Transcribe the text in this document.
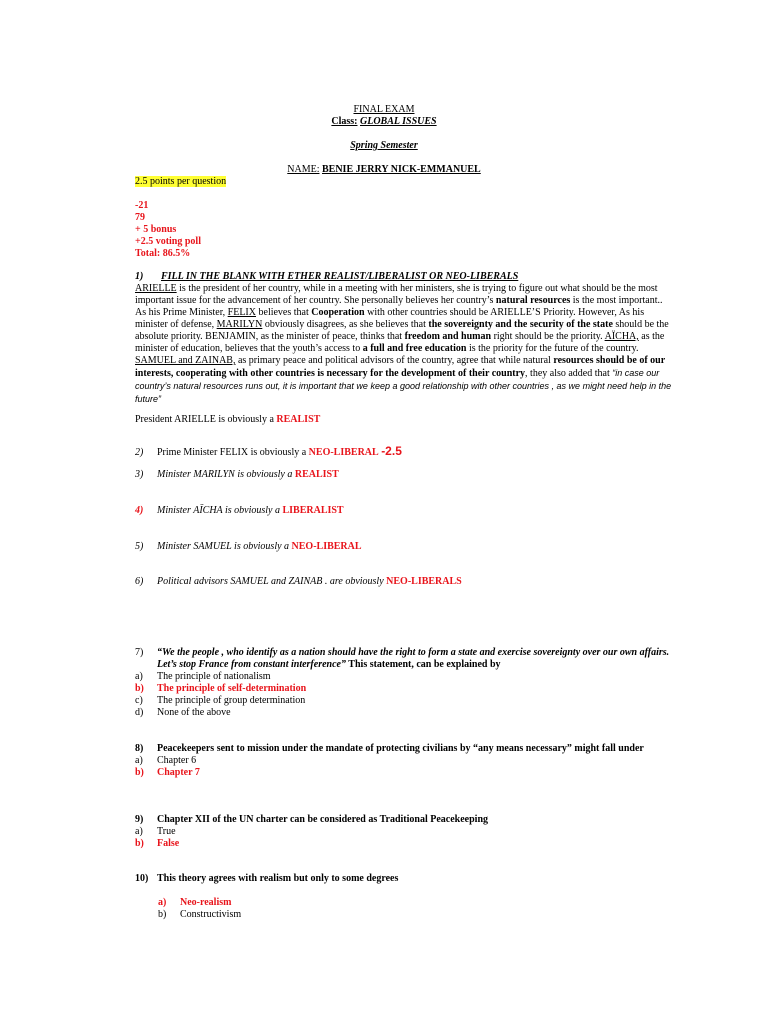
FINAL EXAM
Class: GLOBAL ISSUES
Spring Semester
NAME: BENIE JERRY NICK-EMMANUEL
2.5 points per question
-21
79
+ 5 bonus
+2.5 voting poll
Total: 86.5%
1) FILL IN THE BLANK WITH ETHER REALIST/LIBERALIST OR NEO-LIBERALS

ARIELLE is the president of her country, while in a meeting with her ministers, she is trying to figure out what should be the most important issue for the advancement of her country. She personally believes her country’s natural resources is the most important.. As his Prime Minister, FELIX believes that Cooperation with other countries should be ARIELLE’S Priority. However, As his minister of defense, MARILYN obviously disagrees, as she believes that the sovereignty and the security of the state should be the absolute priority. BENJAMIN, as the minister of peace, thinks that freedom and human right should be the priority. AÏCHA, as the minister of education, believes that the youth’s access to a full and free education is the priority for the future of the country. SAMUEL and ZAINAB, as primary peace and political advisors of the country, agree that while natural resources should be of our interests, cooperating with other countries is necessary for the development of their country, they also added that “in case our country’s natural resources runs out, it is important that we keep a good relationship with other countries , as we might need help in the future”

President ARIELLE is obviously a REALIST
2) Prime Minister FELIX is obviously a NEO-LIBERAL -2.5
3) Minister MARILYN is obviously a REALIST
4) Minister AÏCHA is obviously a LIBERALIST
5) Minister SAMUEL is obviously a NEO-LIBERAL
6) Political advisors SAMUEL and ZAINAB . are obviously NEO-LIBERALS
7) “We the people , who identify as a nation should have the right to form a state and exercise sovereignty over our own affairs.
Let’s stop France from constant interference” This statement, can be explained by
a) The principle of nationalism
b) The principle of self-determination
c) The principle of group determination
d) None of the above
8) Peacekeepers sent to mission under the mandate of protecting civilians by “any means necessary” might fall under
a) Chapter 6
b) Chapter 7
9) Chapter XII of the UN charter can be considered as Traditional Peacekeeping
a) True
b) False
10) This theory agrees with realism but only to some degrees
a) Neo-realism
b) Constructivism
